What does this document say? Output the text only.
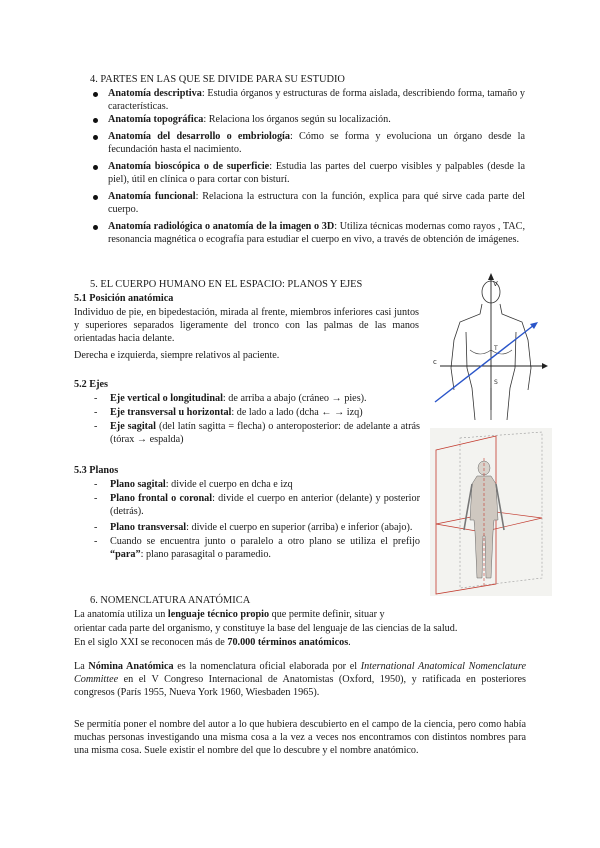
4. PARTES EN LAS QUE SE DIVIDE PARA SU ESTUDIO
Anatomía descriptiva: Estudia órganos y estructuras de forma aislada, describiendo forma, tamaño y características.
Anatomía topográfica: Relaciona los órganos según su localización.
Anatomía del desarrollo o embriología: Cómo se forma y evoluciona un órgano desde la fecundación hasta el nacimiento.
Anatomía bioscópica o de superficie: Estudia las partes del cuerpo visibles y palpables (desde la piel), útil en clínica o para cortar con bisturí.
Anatomía funcional: Relaciona la estructura con la función, explica para qué sirve cada parte del cuerpo.
Anatomía radiológica o anatomía de la imagen o 3D: Utiliza técnicas modernas como rayos , TAC, resonancia magnética o ecografía para estudiar el cuerpo en vivo, a través de obtención de imágenes.
5. EL CUERPO HUMANO EN EL ESPACIO: PLANOS Y EJES
5.1 Posición anatómica
Individuo de pie, en bipedestación, mirada al frente, miembros inferiores casi juntos y superiores separados ligeramente del tronco con las palmas de las manos orientadas hacia delante.
Derecha e izquierda, siempre relativos al paciente.
5.2 Ejes
- Eje vertical o longitudinal: de arriba a abajo (cráneo → pies).
- Eje transversal u horizontal: de lado a lado (dcha ← → izq)
- Eje sagital (del latín sagitta = flecha) o anteroposterior: de adelante a atrás (tórax → espalda)
5.3 Planos
- Plano sagital: divide el cuerpo en dcha e izq
- Plano frontal o coronal: divide el cuerpo en anterior (delante) y posterior (detrás).
- Plano transversal: divide el cuerpo en superior (arriba) e inferior (abajo).
- Cuando se encuentra junto o paralelo a otro plano se utiliza el prefijo “para”: plano parasagital o paramedio.
V
c
T
S
6. NOMENCLATURA ANATÓMICA
La anatomía utiliza un lenguaje técnico propio que permite definir, situar y
orientar cada parte del organismo, y constituye la base del lenguaje de las ciencias de la salud.
En el siglo XXI se reconocen más de 70.000 términos anatómicos.
La Nómina Anatómica es la nomenclatura oficial elaborada por el International Anatomical Nomenclature Committee en el V Congreso Internacional de Anatomistas (Oxford, 1950), y ratificada en posteriores congresos (París 1955, Nueva York 1960, Wiesbaden 1965).
Se permitía poner el nombre del autor a lo que hubiera descubierto en el campo de la ciencia, pero como había muchas personas investigando una misma cosa a la vez a veces nos encontramos con distintos nombres para una misma cosa. Suele existir el nombre del que lo descubre y el nombre anatómico.
